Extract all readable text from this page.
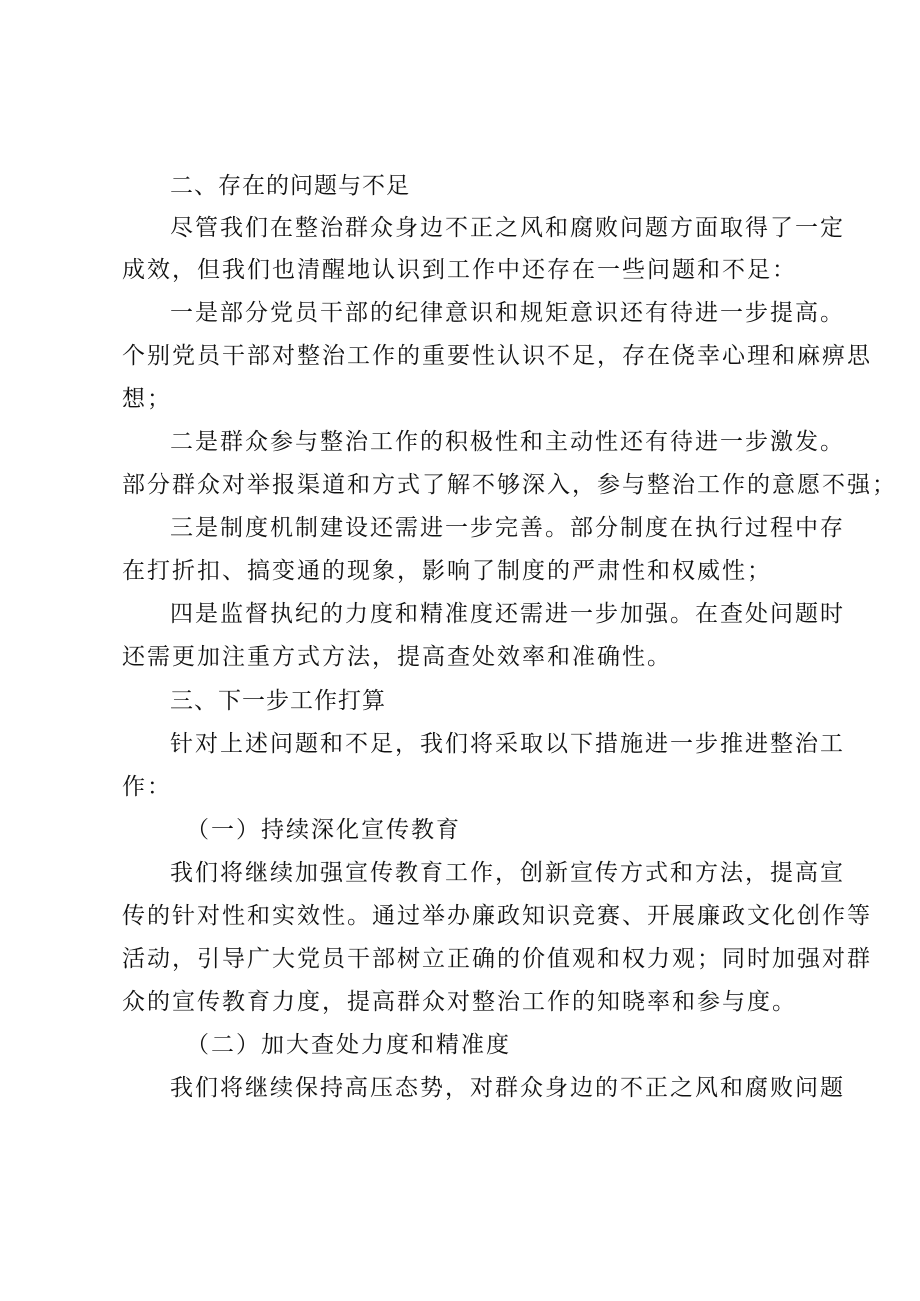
二、存在的问题与不足
尽管我们在整治群众身边不正之风和腐败问题方面取得了一定
成效，但我们也清醒地认识到工作中还存在一些问题和不足：
一是部分党员干部的纪律意识和规矩意识还有待进一步提高。
个别党员干部对整治工作的重要性认识不足，存在侥幸心理和麻痹思
想；
二是群众参与整治工作的积极性和主动性还有待进一步激发。
部分群众对举报渠道和方式了解不够深入，参与整治工作的意愿不强；
三是制度机制建设还需进一步完善。部分制度在执行过程中存
在打折扣、搞变通的现象，影响了制度的严肃性和权威性；
四是监督执纪的力度和精准度还需进一步加强。在查处问题时
还需更加注重方式方法，提高查处效率和准确性。
三、下一步工作打算
针对上述问题和不足，我们将采取以下措施进一步推进整治工
作：
（一）持续深化宣传教育
我们将继续加强宣传教育工作，创新宣传方式和方法，提高宣
传的针对性和实效性。通过举办廉政知识竞赛、开展廉政文化创作等
活动，引导广大党员干部树立正确的价值观和权力观；同时加强对群
众的宣传教育力度，提高群众对整治工作的知晓率和参与度。
（二）加大查处力度和精准度
我们将继续保持高压态势，对群众身边的不正之风和腐败问题
